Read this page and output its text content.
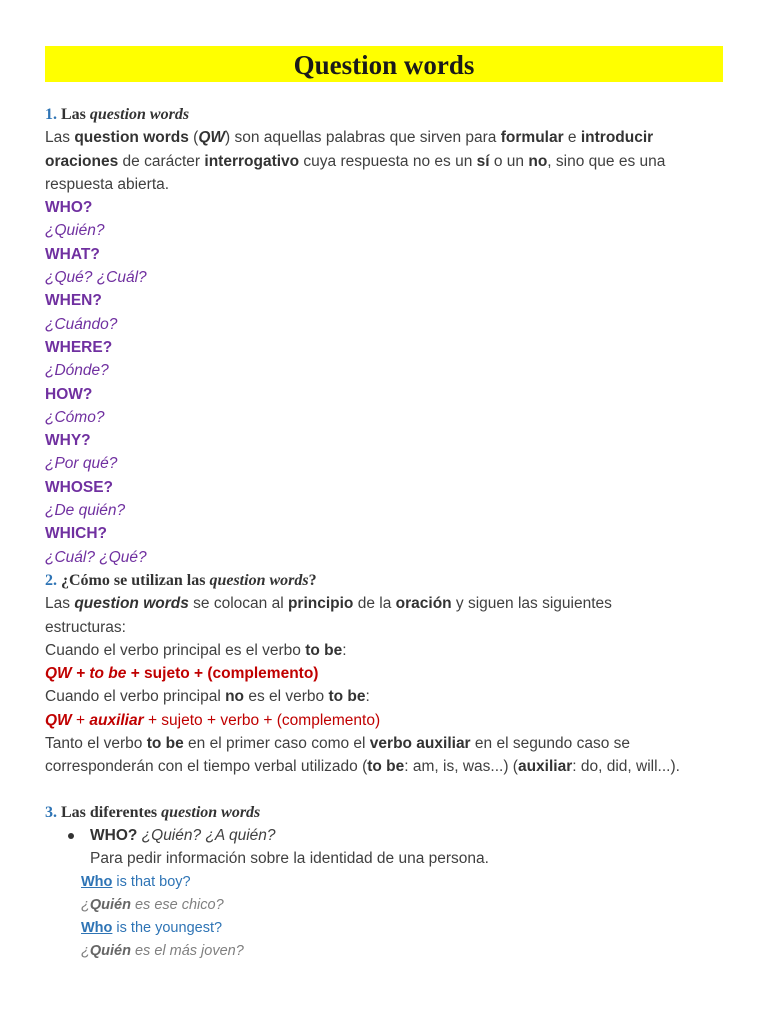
Question words
1. Las question words
Las question words (QW) son aquellas palabras que sirven para formular e introducir
oraciones de carácter interrogativo cuya respuesta no es un sí o un no, sino que es una
respuesta abierta.
WHO?
¿Quién?
WHAT?
¿Qué? ¿Cuál?
WHEN?
¿Cuándo?
WHERE?
¿Dónde?
HOW?
¿Cómo?
WHY?
¿Por qué?
WHOSE?
¿De quién?
WHICH?
¿Cuál? ¿Qué?
2. ¿Cómo se utilizan las question words?
Las question words se colocan al principio de la oración y siguen las siguientes
estructuras:
Cuando el verbo principal es el verbo to be:
QW + to be + sujeto + (complemento)
Cuando el verbo principal no es el verbo to be:
QW + auxiliar + sujeto + verbo + (complemento)
Tanto el verbo to be en el primer caso como el verbo auxiliar en el segundo caso se
corresponderán con el tiempo verbal utilizado (to be: am, is, was...) (auxiliar: do, did, will...).
3. Las diferentes question words
WHO? ¿Quién? ¿A quién?
Para pedir información sobre la identidad de una persona.
Who is that boy?
¿Quién es ese chico?
Who is the youngest?
¿Quién es el más joven?
